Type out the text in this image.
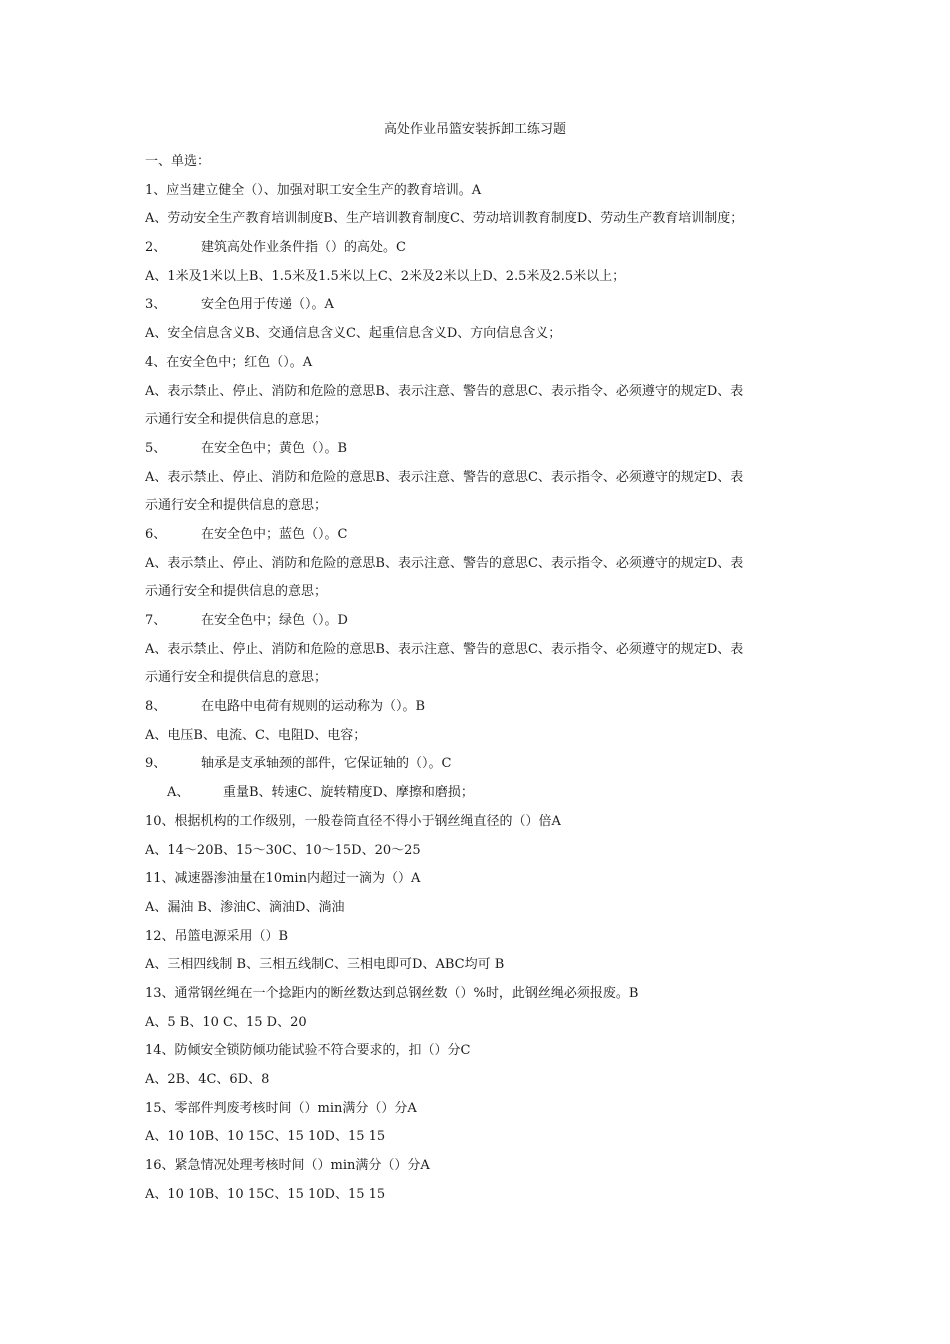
高处作业吊篮安装拆卸工练习题
一、单选：
1、应当建立健全（）、加强对职工安全生产的教育培训。A
A、劳动安全生产教育培训制度B、生产培训教育制度C、劳动培训教育制度D、劳动生产教育培训制度；
2、	建筑高处作业条件指（）的高处。C
A、1米及1米以上B、1.5米及1.5米以上C、2米及2米以上D、2.5米及2.5米以上；
3、	安全色用于传递（）。A
A、安全信息含义B、交通信息含义C、起重信息含义D、方向信息含义；
4、在安全色中；红色（）。A
A、表示禁止、停止、消防和危险的意思B、表示注意、警告的意思C、表示指令、必须遵守的规定D、表
示通行安全和提供信息的意思；
5、	在安全色中；黄色（）。B
A、表示禁止、停止、消防和危险的意思B、表示注意、警告的意思C、表示指令、必须遵守的规定D、表
示通行安全和提供信息的意思；
6、	在安全色中；蓝色（）。C
A、表示禁止、停止、消防和危险的意思B、表示注意、警告的意思C、表示指令、必须遵守的规定D、表
示通行安全和提供信息的意思；
7、	在安全色中；绿色（）。D
A、表示禁止、停止、消防和危险的意思B、表示注意、警告的意思C、表示指令、必须遵守的规定D、表
示通行安全和提供信息的意思；
8、	在电路中电荷有规则的运动称为（）。B
A、电压B、电流、C、电阻D、电容；
9、	轴承是支承轴颈的部件，它保证轴的（）。C
A、	重量B、转速C、旋转精度D、摩擦和磨损；
10、根据机构的工作级别，一般卷筒直径不得小于钢丝绳直径的（）倍A
A、14～20B、15～30C、10～15D、20～25
11、减速器渗油量在10min内超过一滴为（）A
A、漏油 B、渗油C、滴油D、淌油
12、吊篮电源采用（）B
A、三相四线制 B、三相五线制C、三相电即可D、ABC均可 B
13、通常钢丝绳在一个捻距内的断丝数达到总钢丝数（）%时，此钢丝绳必须报废。B
A、5 B、10 C、15 D、20
14、防倾安全锁防倾功能试验不符合要求的，扣（）分C
A、2B、4C、6D、8
15、零部件判废考核时间（）min满分（）分A
A、10 10B、10 15C、15 10D、15 15
16、紧急情况处理考核时间（）min满分（）分A
A、10 10B、10 15C、15 10D、15 15
